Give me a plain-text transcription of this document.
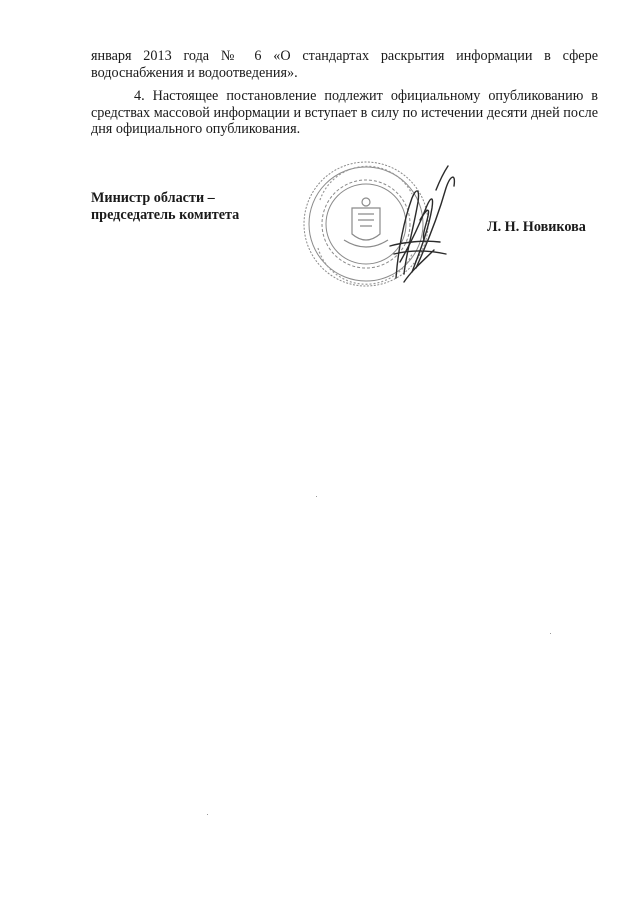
января 2013 года № 6 «О стандартах раскрытия информации в сфере водоснабжения и водоотведения».

4. Настоящее постановление подлежит официальному опубликованию в средствах массовой информации и вступает в силу по истечении десяти дней после дня официального опубликования.

Министр области –
председатель комитета
Л. Н. Новикова
